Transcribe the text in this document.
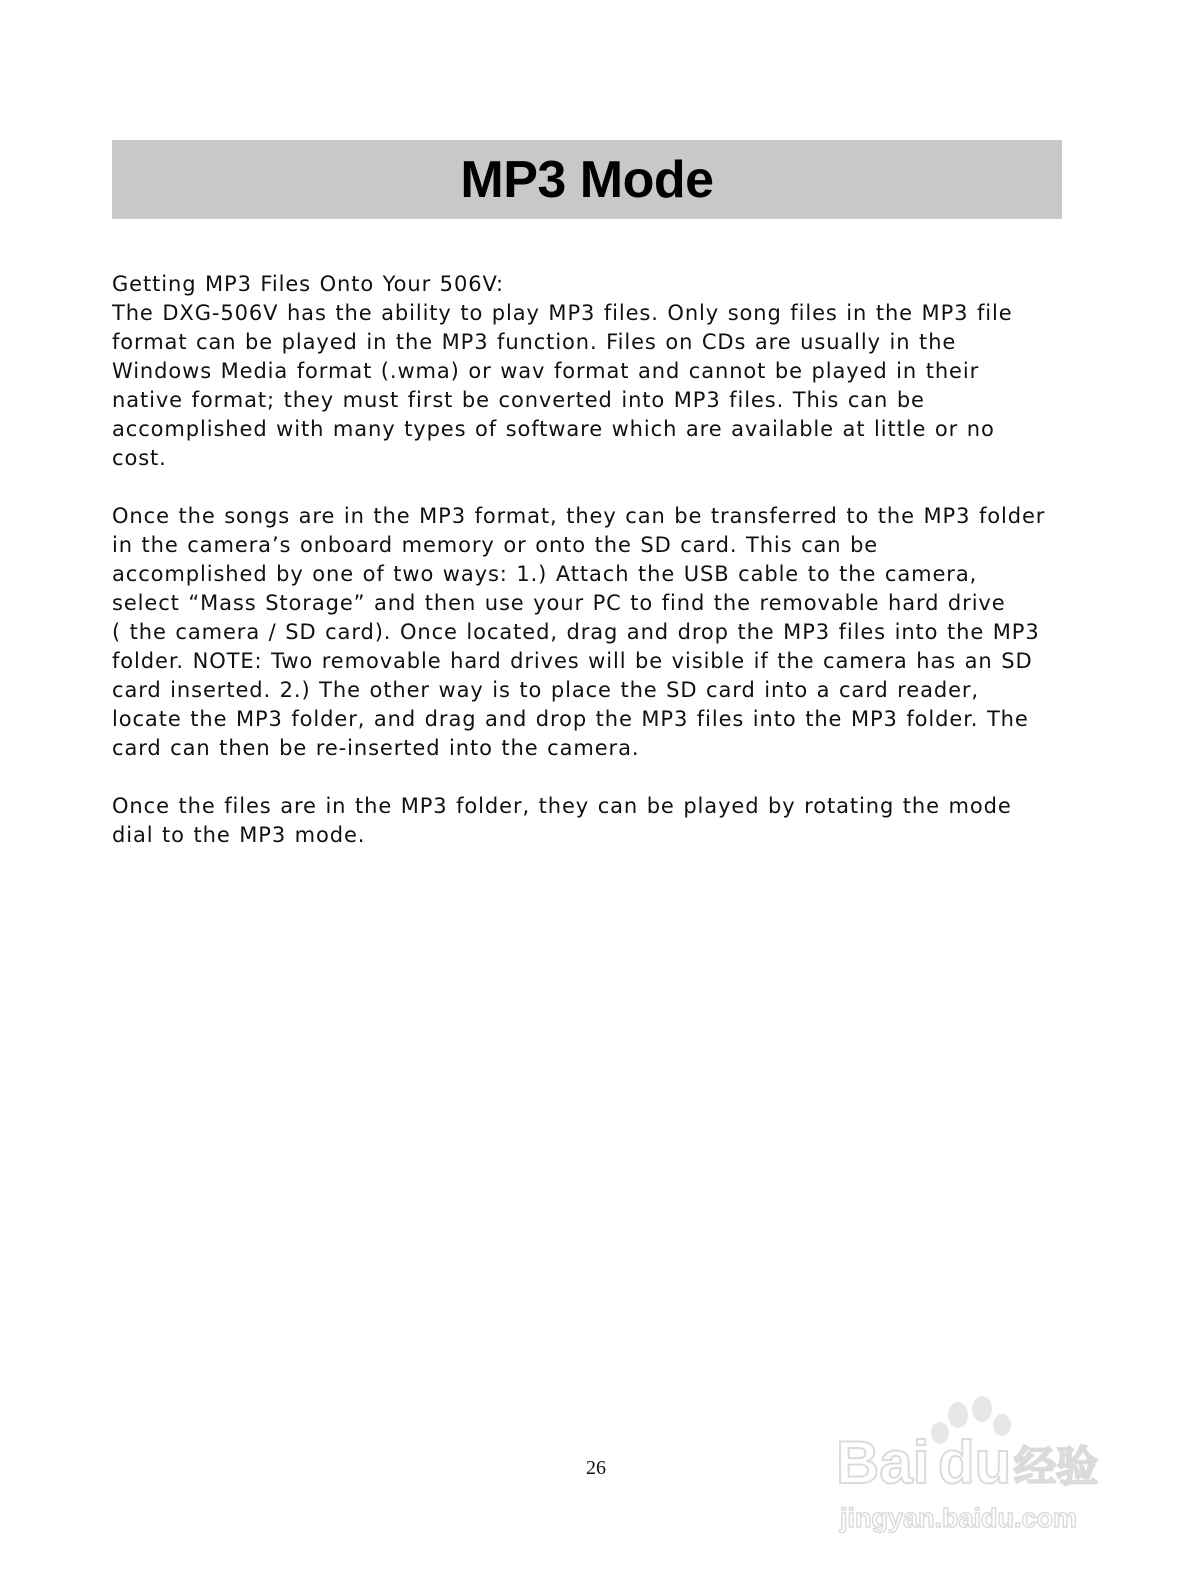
MP3 Mode

Getting MP3 Files Onto Your 506V:
The DXG-506V has the ability to play MP3 files. Only song files in the MP3 file
format can be played in the MP3 function. Files on CDs are usually in the
Windows Media format (.wma) or wav format and cannot be played in their
native format; they must first be converted into MP3 files. This can be
accomplished with many types of software which are available at little or no
cost.

Once the songs are in the MP3 format, they can be transferred to the MP3 folder
in the camera’s onboard memory or onto the SD card. This can be
accomplished by one of two ways: 1.) Attach the USB cable to the camera,
select “Mass Storage” and then use your PC to find the removable hard drive
( the camera / SD card). Once located, drag and drop the MP3 files into the MP3
folder. NOTE: Two removable hard drives will be visible if the camera has an SD
card inserted. 2.) The other way is to place the SD card into a card reader,
locate the MP3 folder, and drag and drop the MP3 files into the MP3 folder. The
card can then be re-inserted into the camera.

Once the files are in the MP3 folder, they can be played by rotating the mode
dial to the MP3 mode.

26	Bai du 经验
jingyan.baidu.com
